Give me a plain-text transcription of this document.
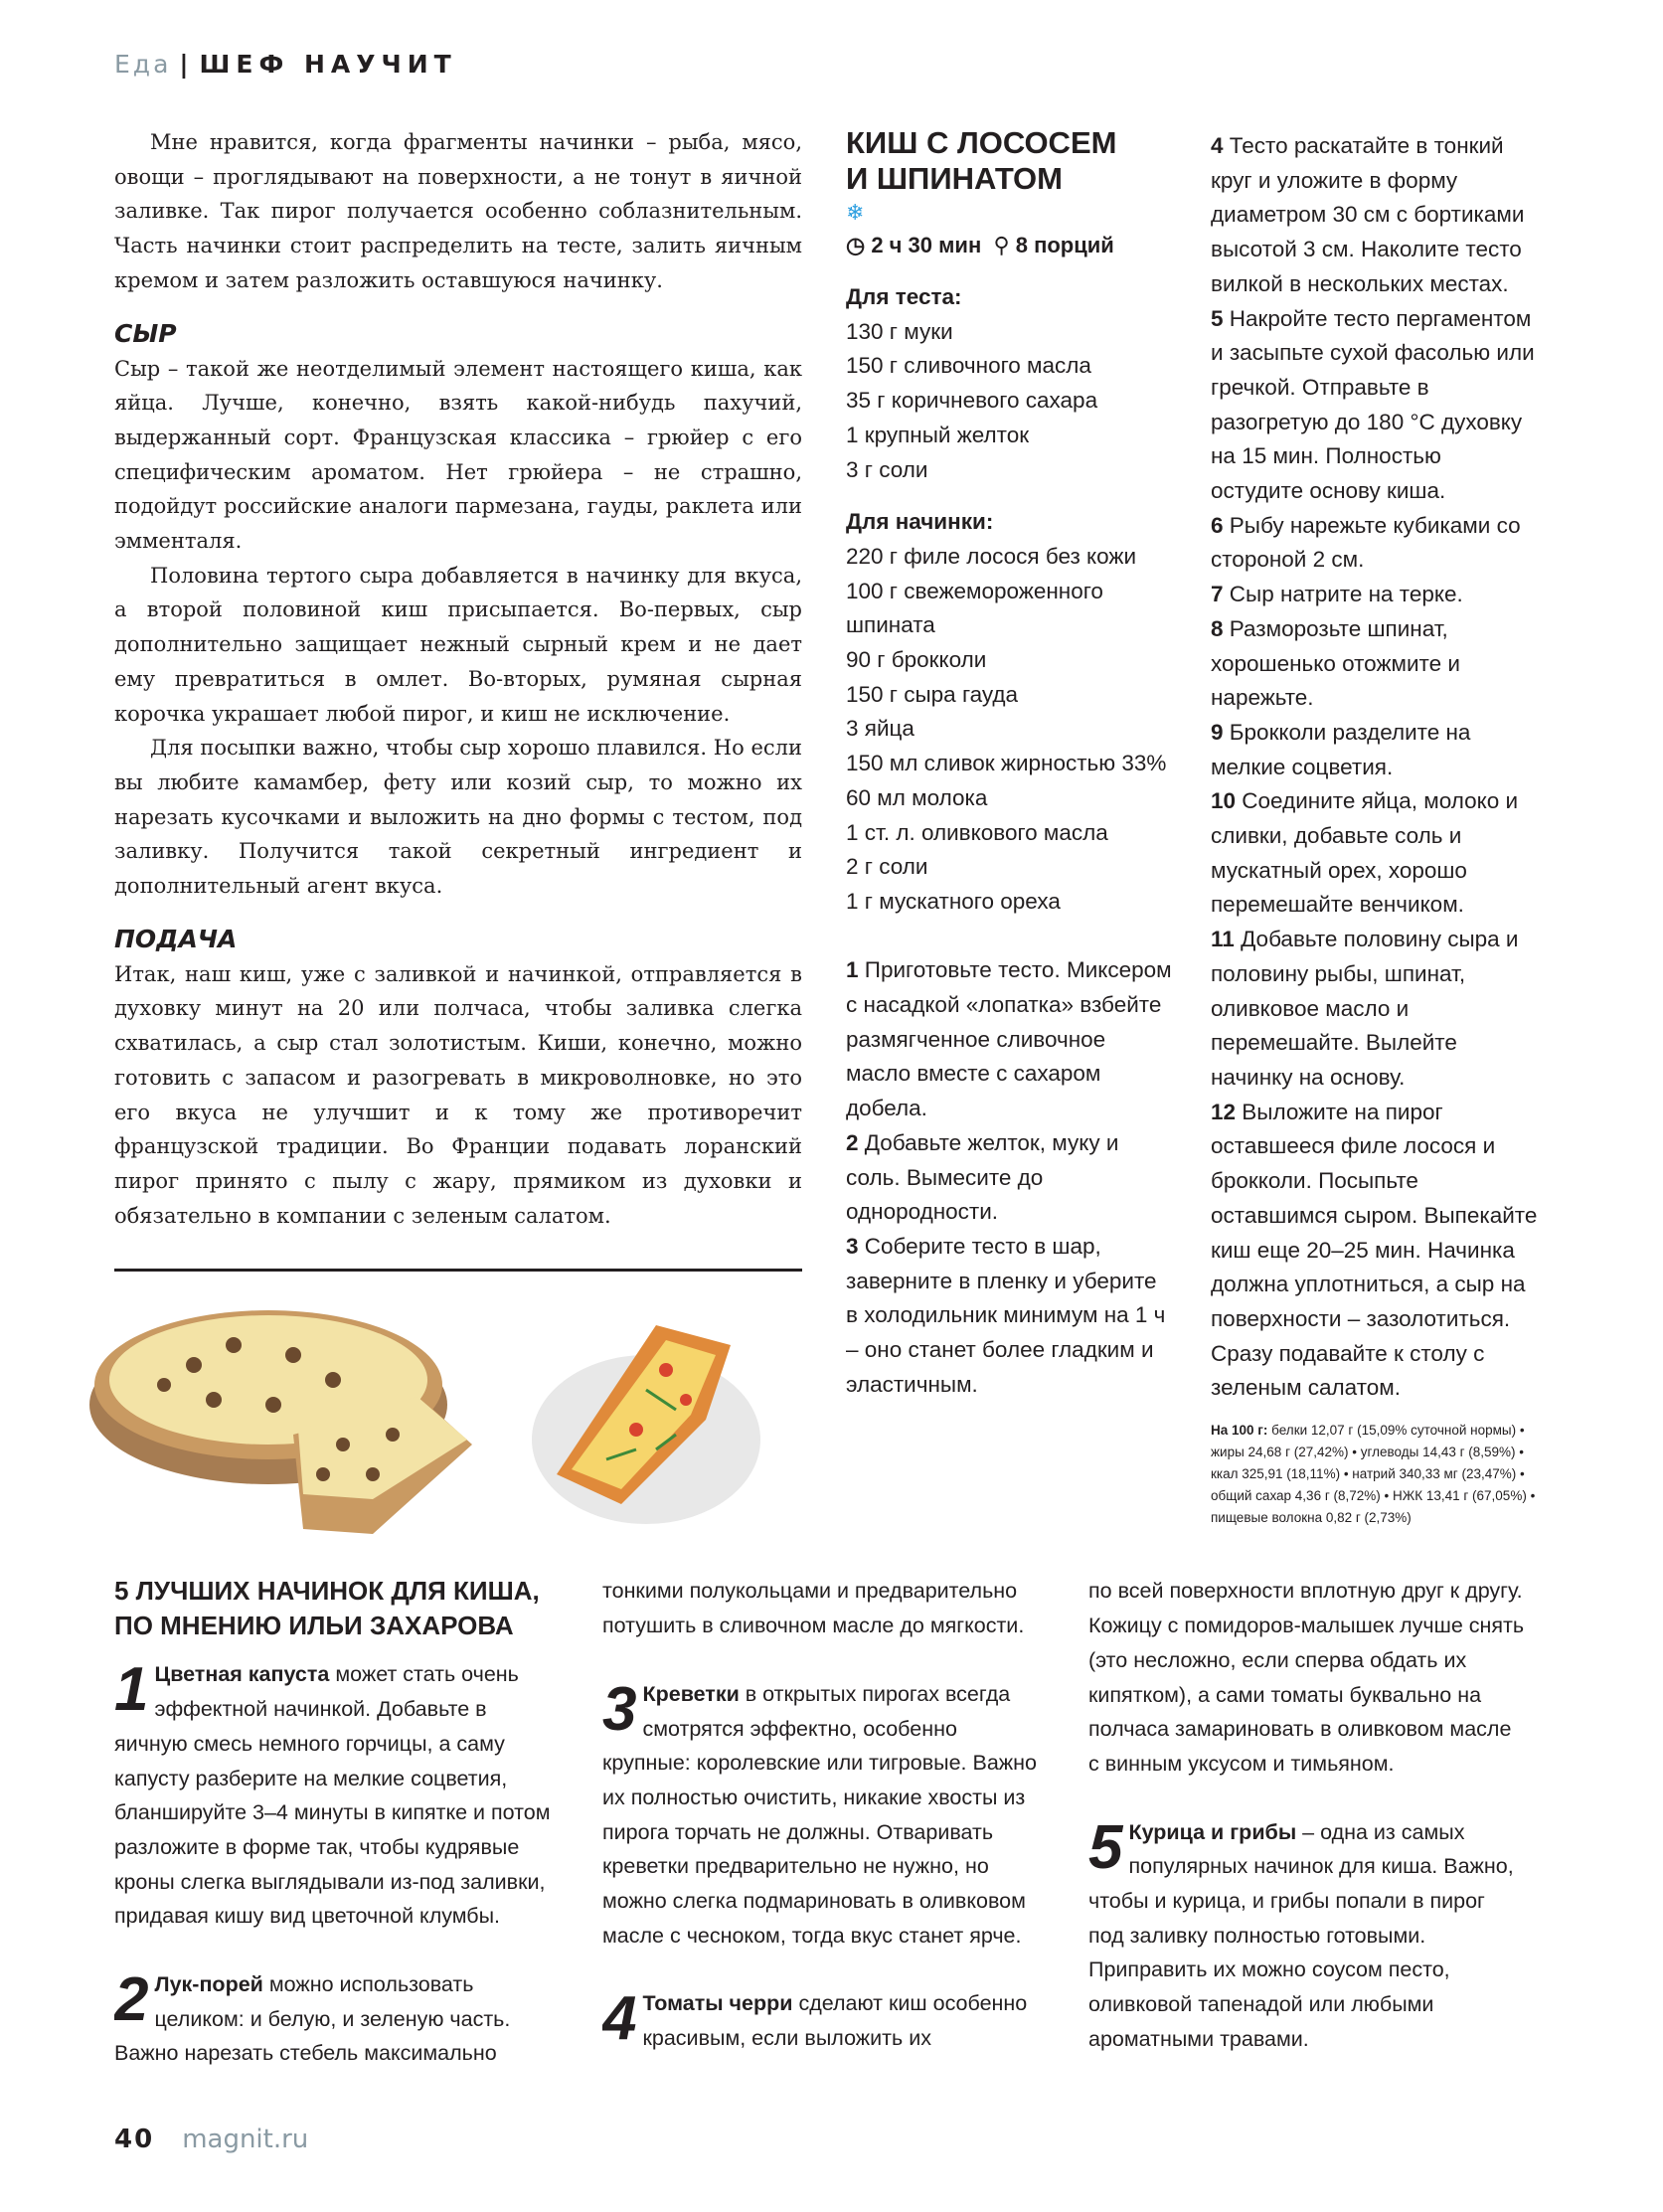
Еда | ШЕФ НАУЧИТ

Мне нравится, когда фрагменты начинки – рыба, мясо, овощи – проглядывают на поверхности, а не тонут в яичной заливке. Так пирог получается особенно соблазнительным. Часть начинки стоит распределить на тесте, залить яичным кремом и затем разложить оставшуюся начинку.

СЫР

Сыр – такой же неотделимый элемент настоящего киша, как яйца. Лучше, конечно, взять какой-нибудь пахучий, выдержанный сорт. Французская классика – грюйер с его специфическим ароматом. Нет грюйера – не страшно, подойдут российские аналоги пармезана, гауды, раклета или эмменталя.

Половина тертого сыра добавляется в начинку для вкуса, а второй половиной киш присыпается. Во-первых, сыр дополнительно защищает нежный сырный крем и не дает ему превратиться в омлет. Во-вторых, румяная сырная корочка украшает любой пирог, и киш не исключение.

Для посыпки важно, чтобы сыр хорошо плавился. Но если вы любите камамбер, фету или козий сыр, то можно их нарезать кусочками и выложить на дно формы с тестом, под заливку. Получится такой секретный ингредиент и дополнительный агент вкуса.

ПОДАЧА

Итак, наш киш, уже с заливкой и начинкой, отправляется в духовку минут на 20 или полчаса, чтобы заливка слегка схватилась, а сыр стал золотистым. Киши, конечно, можно готовить с запасом и разогревать в микроволновке, но это его вкуса не улучшит и к тому же противоречит французской традиции. Во Франции подавать лоранский пирог принято с пылу с жару, прямиком из духовки и обязательно в компании с зеленым салатом.

КИШ С ЛОСОСЕМ
И ШПИНАТОМ
❄
◷ 2 ч 30 мин ⚲ 8 порций
Для теста:
130 г муки
150 г сливочного масла
35 г коричневого сахара
1 крупный желток
3 г соли
Для начинки:
220 г филе лосося без кожи
100 г свежемороженного шпината
90 г брокколи
150 г сыра гауда
3 яйца
150 мл сливок жирностью 33%
60 мл молока
1 ст. л. оливкового масла
2 г соли
1 г мускатного ореха
1 Приготовьте тесто. Миксером с насадкой «лопатка» взбейте размягченное сливочное масло вместе с сахаром добела.
2 Добавьте желток, муку и соль. Вымесите до однородности.
3 Соберите тесто в шар, заверните в пленку и уберите в холодильник минимум на 1 ч – оно станет более гладким и эластичным.
4 Тесто раскатайте в тонкий круг и уложите в форму диаметром 30 см с бортиками высотой 3 см. Наколите тесто вилкой в нескольких местах.
5 Накройте тесто пергаментом и засыпьте сухой фасолью или гречкой. Отправьте в разогретую до 180 °C духовку на 15 мин. Полностью остудите основу киша.
6 Рыбу нарежьте кубиками со стороной 2 см.
7 Сыр натрите на терке.
8 Разморозьте шпинат, хорошенько отожмите и нарежьте.
9 Брокколи разделите на мелкие соцветия.
10 Соедините яйца, молоко и сливки, добавьте соль и мускатный орех, хорошо перемешайте венчиком.
11 Добавьте половину сыра и половину рыбы, шпинат, оливковое масло и перемешайте. Вылейте начинку на основу.
12 Выложите на пирог оставшееся филе лосося и брокколи. Посыпьте оставшимся сыром. Выпекайте киш еще 20–25 мин. Начинка должна уплотниться, а сыр на поверхности – зазолотиться. Сразу подавайте к столу с зеленым салатом.
На 100 г: белки 12,07 г (15,09% суточной нормы) • жиры 24,68 г (27,42%) • углеводы 14,43 г (8,59%) • ккал 325,91 (18,11%) • натрий 340,33 мг (23,47%) • общий сахар 4,36 г (8,72%) • НЖК 13,41 г (67,05%) • пищевые волокна 0,82 г (2,73%)
5 ЛУЧШИХ НАЧИНОК ДЛЯ КИША,
ПО МНЕНИЮ ИЛЬИ ЗАХАРОВА
1 Цветная капуста может стать очень эффектной начинкой. Добавьте в яичную смесь немного горчицы, а саму капусту разберите на мелкие соцветия, бланшируйте 3–4 минуты в кипятке и потом разложите в форме так, чтобы кудрявые кроны слегка выглядывали из-под заливки, придавая кишу вид цветочной клумбы.
2 Лук-порей можно использовать целиком: и белую, и зеленую часть. Важно нарезать стебель максимально
тонкими полукольцами и предварительно потушить в сливочном масле до мягкости.
3 Креветки в открытых пирогах всегда смотрятся эффектно, особенно крупные: королевские или тигровые. Важно их полностью очистить, никакие хвосты из пирога торчать не должны. Отваривать креветки предварительно не нужно, но можно слегка подмариновать в оливковом масле с чесноком, тогда вкус станет ярче.
4 Томаты черри сделают киш особенно красивым, если выложить их
по всей поверхности вплотную друг к другу. Кожицу с помидоров-малышек лучше снять (это несложно, если сперва обдать их кипятком), а сами томаты буквально на полчаса замариновать в оливковом масле с винным уксусом и тимьяном.
5 Курица и грибы – одна из самых популярных начинок для киша. Важно, чтобы и курица, и грибы попали в пирог под заливку полностью готовыми. Приправить их можно соусом песто, оливковой тапенадой или любыми ароматными травами.
40 magnit.ru
